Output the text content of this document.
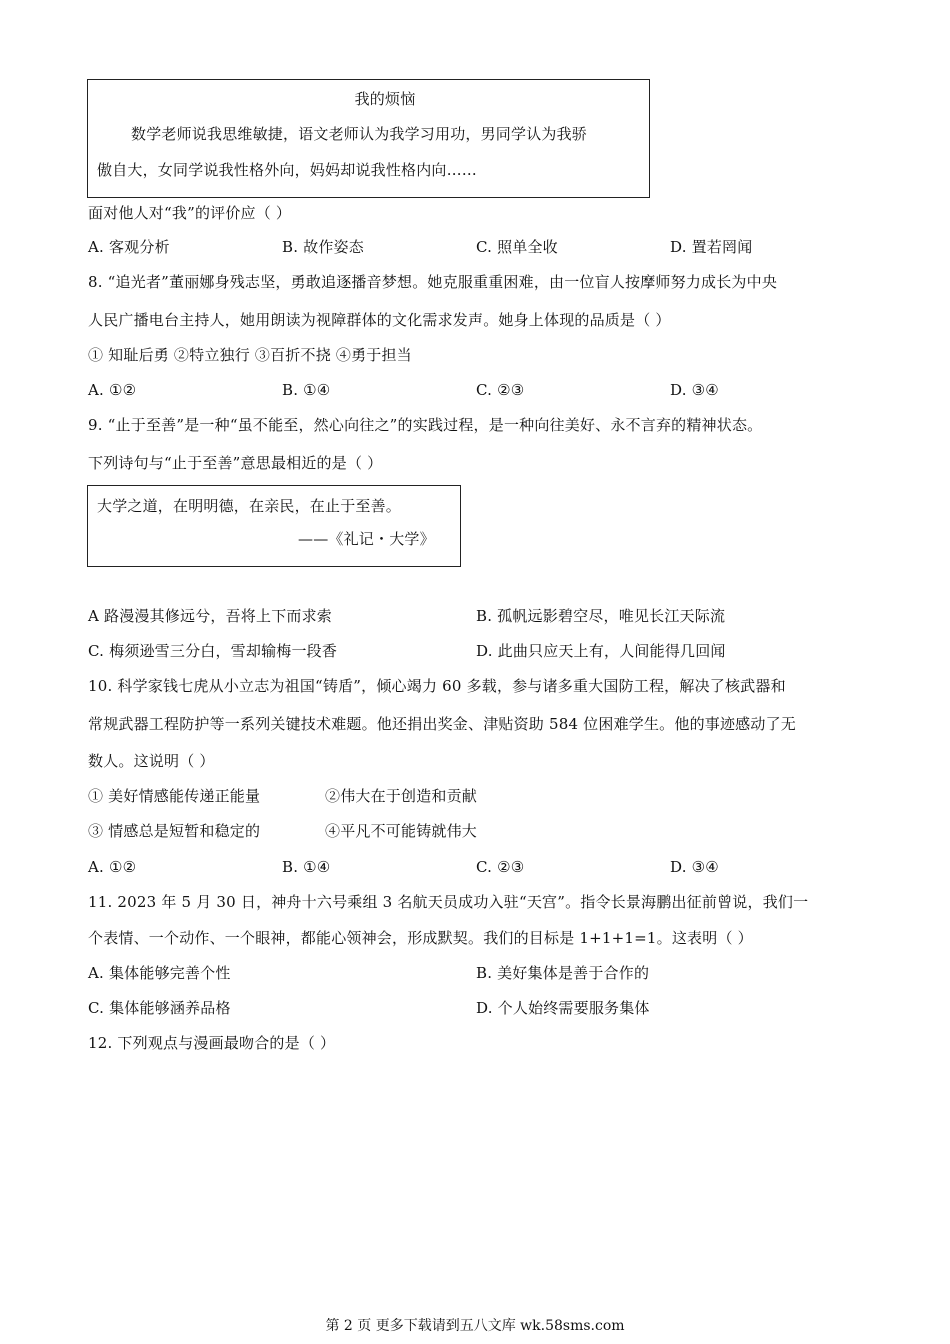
我的烦恼
数学老师说我思维敏捷，语文老师认为我学习用功，男同学认为我骄
傲自大，女同学说我性格外向，妈妈却说我性格内向……
面对他人对“我”的评价应（ ）
A. 客观分析	B. 故作姿态	C. 照单全收	D. 置若罔闻
8. “追光者”董丽娜身残志坚，勇敢追逐播音梦想。她克服重重困难，由一位盲人按摩师努力成长为中央
人民广播电台主持人，她用朗读为视障群体的文化需求发声。她身上体现的品质是（ ）
① 知耻后勇 ②特立独行 ③百折不挠 ④勇于担当
A. ①②	B. ①④	C. ②③	D. ③④
9. “止于至善”是一种“虽不能至，然心向往之”的实践过程，是一种向往美好、永不言弃的精神状态。
下列诗句与“止于至善”意思最相近的是（ ）
大学之道，在明明德，在亲民，在止于至善。
——《礼记・大学》
A 路漫漫其修远兮，吾将上下而求索	B. 孤帆远影碧空尽，唯见长江天际流
C. 梅须逊雪三分白，雪却输梅一段香	D. 此曲只应天上有，人间能得几回闻
10. 科学家钱七虎从小立志为祖国“铸盾”，倾心竭力 60 多载，参与诸多重大国防工程，解决了核武器和
常规武器工程防护等一系列关键技术难题。他还捐出奖金、津贴资助 584 位困难学生。他的事迹感动了无
数人。这说明（ ）
① 美好情感能传递正能量	②伟大在于创造和贡献
③ 情感总是短暂和稳定的	④平凡不可能铸就伟大
A. ①②	B. ①④	C. ②③	D. ③④
11. 2023 年 5 月 30 日，神舟十六号乘组 3 名航天员成功入驻“天宫”。指令长景海鹏出征前曾说，我们一
个表情、一个动作、一个眼神，都能心领神会，形成默契。我们的目标是 1+1+1=1。这表明（ ）
A. 集体能够完善个性	B. 美好集体是善于合作的
C. 集体能够涵养品格	D. 个人始终需要服务集体
12. 下列观点与漫画最吻合的是（ ）
第 2 页 更多下载请到五八文库 wk.58sms.com
